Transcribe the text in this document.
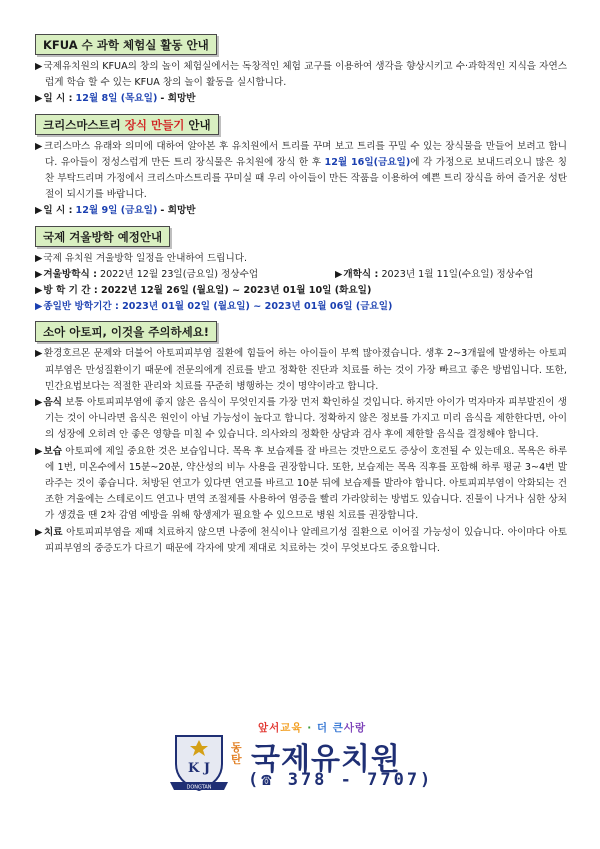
KFUA 수 과학 체험실 활동 안내
▶국제유치원의 KFUA의 창의 놀이 체험실에서는 독창적인 체험 교구를 이용하여 생각을 향상시키고 수·과학적인 지식을 자연스럽게 학습 할 수 있는 KFUA 창의 놀이 활동을 실시합니다.
▶일 시 : 12월 8일 (목요일) - 희망반
크리스마스트리 장식 만들기 안내
▶크리스마스 유래와 의미에 대하여 알아본 후 유치원에서 트리를 꾸며 보고 트리를 꾸밀 수 있는 장식물을 만들어 보려고 합니다. 유아들이 정성스럽게 만든 트리 장식물은 유치원에 장식 한 후 12월 16일(금요일)에 각 가정으로 보내드리오니 많은 칭찬 부탁드리며 가정에서 크리스마스트리를 꾸미실 때 우리 아이들이 만든 작품을 이용하여 예쁜 트리 장식을 하여 즐거운 성탄절이 되시기를 바랍니다.
▶일 시 : 12월 9일 (금요일) - 희망반
국제 겨울방학 예정안내
▶국제 유치원 겨울방학 일정을 안내하여 드립니다.
▶겨울방학식 : 2022년 12월 23일(금요일) 정상수업	▶개학식 : 2023년 1월 11일(수요일) 정상수업
▶방 학 기 간 : 2022년 12월 26일 (월요일) ~ 2023년 01월 10일 (화요일)
▶종일반 방학기간 : 2023년 01월 02일 (월요일) ~ 2023년 01월 06일 (금요일)
소아 아토피, 이것을 주의하세요!
▶환경호르몬 문제와 더불어 아토피피부염 질환에 힘들어 하는 아이들이 부쩍 많아졌습니다. 생후 2~3개월에 발생하는 아토피피부염은 만성질환이기 때문에 전문의에게 진료를 받고 정확한 진단과 치료를 하는 것이 가장 빠르고 좋은 방법입니다. 또한, 민간요법보다는 적절한 관리와 치료를 꾸준히 병행하는 것이 명약이라고 합니다.
▶음식 보통 아토피피부염에 좋지 않은 음식이 무엇인지를 가장 먼저 확인하실 것입니다. 하지만 아이가 먹자마자 피부발진이 생기는 것이 아니라면 음식은 원인이 아닐 가능성이 높다고 합니다. 정확하지 않은 정보를 가지고 미리 음식을 제한한다면, 아이의 성장에 오히려 안 좋은 영향을 미칠 수 있습니다. 의사와의 정확한 상담과 검사 후에 제한할 음식을 결정해야 합니다.
▶보습 아토피에 제일 중요한 것은 보습입니다. 목욕 후 보습제를 잘 바르는 것만으로도 증상이 호전될 수 있는데요. 목욕은 하루에 1번, 미온수에서 15분~20분, 약산성의 비누 사용을 권장합니다. 또한, 보습제는 목욕 직후를 포함해 하루 평균 3~4번 발라주는 것이 좋습니다. 처방된 연고가 있다면 연고를 바르고 10분 뒤에 보습제를 발라야 합니다. 아토피피부염이 악화되는 건조한 겨울에는 스테로이드 연고나 면역 조절제를 사용하여 염증을 빨리 가라앉히는 방법도 있습니다. 진물이 나거나 심한 상처가 생겼을 땐 2차 감염 예방을 위해 항생제가 필요할 수 있으므로 병원 치료를 권장합니다.
▶치료 아토피피부염을 제때 치료하지 않으면 나중에 천식이나 알레르기성 질환으로 이어질 가능성이 있습니다. 아이마다 아토피피부염의 중증도가 다르기 때문에 각자에 맞게 제대로 치료하는 것이 무엇보다도 중요합니다.
앞서교육 · 더 큰사랑
K J
DONGTAN
동
탄 국제유치원
(☎ 378 - 7707)
